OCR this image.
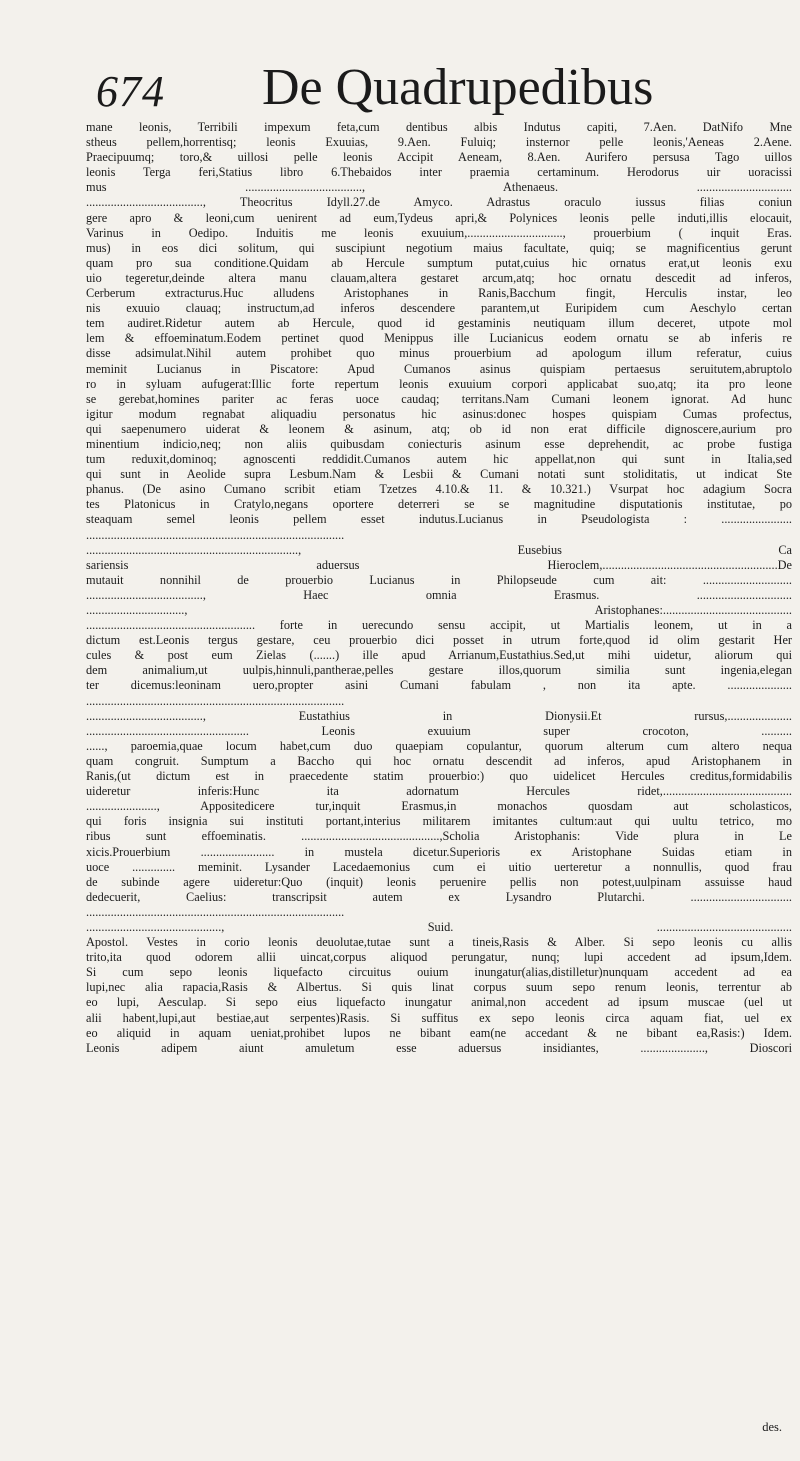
674 De Quadrupedibus
mane leonis, Terribili impexum feta,cum dentibus albis Indutus capiti, 7.Aen. DatNifo Mne
stheus pellem,horrentisq; leonis Exuuias, 9.Aen. Fuluiq; insternor pelle leonis,'Aeneas 2.Aene.
Praecipuumq; toro,& uillosi pelle leonis Accipit Aeneam, 8.Aen. Aurifero persusa Tago uillos
leonis Terga feri,Statius libro 6.Thebaidos inter praemia certaminum. Herodorus uir uoracissi
mus ......................................, Athenaeus. ...............................
......................................, Theocritus Idyll.27.de Amyco. Adrastus oraculo iussus filias coniun
gere apro & leoni,cum uenirent ad eum,Tydeus apri,& Polynices leonis pelle induti,illis elocauit,
Varinus in Oedipo. Induitis me leonis exuuium,..............................., prouerbium ( inquit Eras.
mus) in eos dici solitum, qui suscipiunt negotium maius facultate, quiq; se magnificentius gerunt
quam pro sua conditione.Quidam ab Hercule sumptum putat,cuius hic ornatus erat,ut leonis exu
uio tegeretur,deinde altera manu clauam,altera gestaret arcum,atq; hoc ornatu descedit ad inferos,
Cerberum extracturus.Huc alludens Aristophanes in Ranis,Bacchum fingit, Herculis instar, leo
nis exuuio clauaq; instructum,ad inferos descendere parantem,ut Euripidem cum Aeschylo certan
tem audiret.Ridetur autem ab Hercule, quod id gestaminis neutiquam illum deceret, utpote mol
lem & effoeminatum.Eodem pertinet quod Menippus ille Lucianicus eodem ornatu se ab inferis re
disse adsimulat.Nihil autem prohibet quo minus prouerbium ad apologum illum referatur, cuius
meminit Lucianus in Piscatore: Apud Cumanos asinus quispiam pertaesus seruitutem,abruptolo
ro in syluam aufugerat:Illic forte repertum leonis exuuium corpori applicabat suo,atq; ita pro leone
se gerebat,homines pariter ac feras uoce caudaq; territans.Nam Cumani leonem ignorat. Ad hunc
igitur modum regnabat aliquadiu personatus hic asinus:donec hospes quispiam Cumas profectus,
qui saepenumero uiderat & leonem & asinum, atq; ob id non erat difficile dignoscere,aurium pro
minentium indicio,neq; non aliis quibusdam coniecturis asinum esse deprehendit, ac probe fustiga
tum reduxit,dominoq; agnoscenti reddidit.Cumanos autem hic appellat,non qui sunt in Italia,sed
qui sunt in Aeolide supra Lesbum.Nam & Lesbii & Cumani notati sunt stoliditatis, ut indicat Ste
phanus. (De asino Cumano scribit etiam Tzetzes 4.10.& 11. & 10.321.) Vsurpat hoc adagium Socra
tes Platonicus in Cratylo,negans oportere deterreri se se magnitudine disputationis institutae, po
steaquam semel leonis pellem esset indutus.Lucianus in Pseudologista : .......................
....................................................................................
....................................................................., Eusebius Ca
sariensis aduersus Hieroclem,.........................................................De
mutauit nonnihil de prouerbio Lucianus in Philopseude cum ait: .............................
......................................, Haec omnia Erasmus. ...............................
................................, Aristophanes:..........................................
....................................................... forte in uerecundo sensu accipit, ut Martialis leonem, ut in a
dictum est.Leonis tergus gestare, ceu prouerbio dici posset in utrum forte,quod id olim gestarit Her
cules & post eum Zielas (.......) ille apud Arrianum,Eustathius.Sed,ut mihi uidetur, aliorum qui
dem animalium,ut uulpis,hinnuli,pantherae,pelles gestare illos,quorum similia sunt ingenia,elegan
ter dicemus:leoninam uero,propter asini Cumani fabulam , non ita apte. .....................
....................................................................................
......................................, Eustathius in Dionysii.Et rursus,.....................
..................................................... Leonis exuuium super crocoton, ..........
......, paroemia,quae locum habet,cum duo quaepiam copulantur, quorum alterum cum altero nequa
quam congruit. Sumptum a Baccho qui hoc ornatu descendit ad inferos, apud Aristophanem in
Ranis,(ut dictum est in praecedente statim prouerbio:) quo uidelicet Hercules creditus,formidabilis
uideretur inferis:Hunc ita adornatum Hercules ridet,..........................................
......................., Appositedicere tur,inquit Erasmus,in monachos quosdam aut scholasticos,
qui foris insignia sui instituti portant,interius militarem imitantes cultum:aut qui uultu tetrico, mo
ribus sunt effoeminatis. .............................................,Scholia Aristophanis: Vide plura in Le
xicis.Prouerbium ........................ in mustela dicetur.Superioris ex Aristophane Suidas etiam in
uoce .............. meminit. Lysander Lacedaemonius cum ei uitio uerteretur a nonnullis, quod frau
de subinde agere uideretur:Quo (inquit) leonis peruenire pellis non potest,uulpinam assuisse haud
dedecuerit, Caelius: transcripsit autem ex Lysandro Plutarchi. .................................
....................................................................................
............................................, Suid. ............................................
Apostol. Vestes in corio leonis deuolutae,tutae sunt a tineis,Rasis & Alber. Si sepo leonis cu allis
trito,ita quod odorem allii uincat,corpus aliquod perungatur, nunq; lupi accedent ad ipsum,Idem.
Si cum sepo leonis liquefacto circuitus ouium inungatur(alias,distilletur)nunquam accedent ad ea
lupi,nec alia rapacia,Rasis & Albertus. Si quis linat corpus suum sepo renum leonis, terrentur ab
eo lupi, Aesculap. Si sepo eius liquefacto inungatur animal,non accedent ad ipsum muscae (uel ut
alii habent,lupi,aut bestiae,aut serpentes)Rasis. Si suffitus ex sepo leonis circa aquam fiat, uel ex
eo aliquid in aquam ueniat,prohibet lupos ne bibant eam(ne accedant & ne bibant ea,Rasis:) Idem.
Leonis adipem aiunt amuletum esse aduersus insidiantes, ....................., Dioscori
des.
